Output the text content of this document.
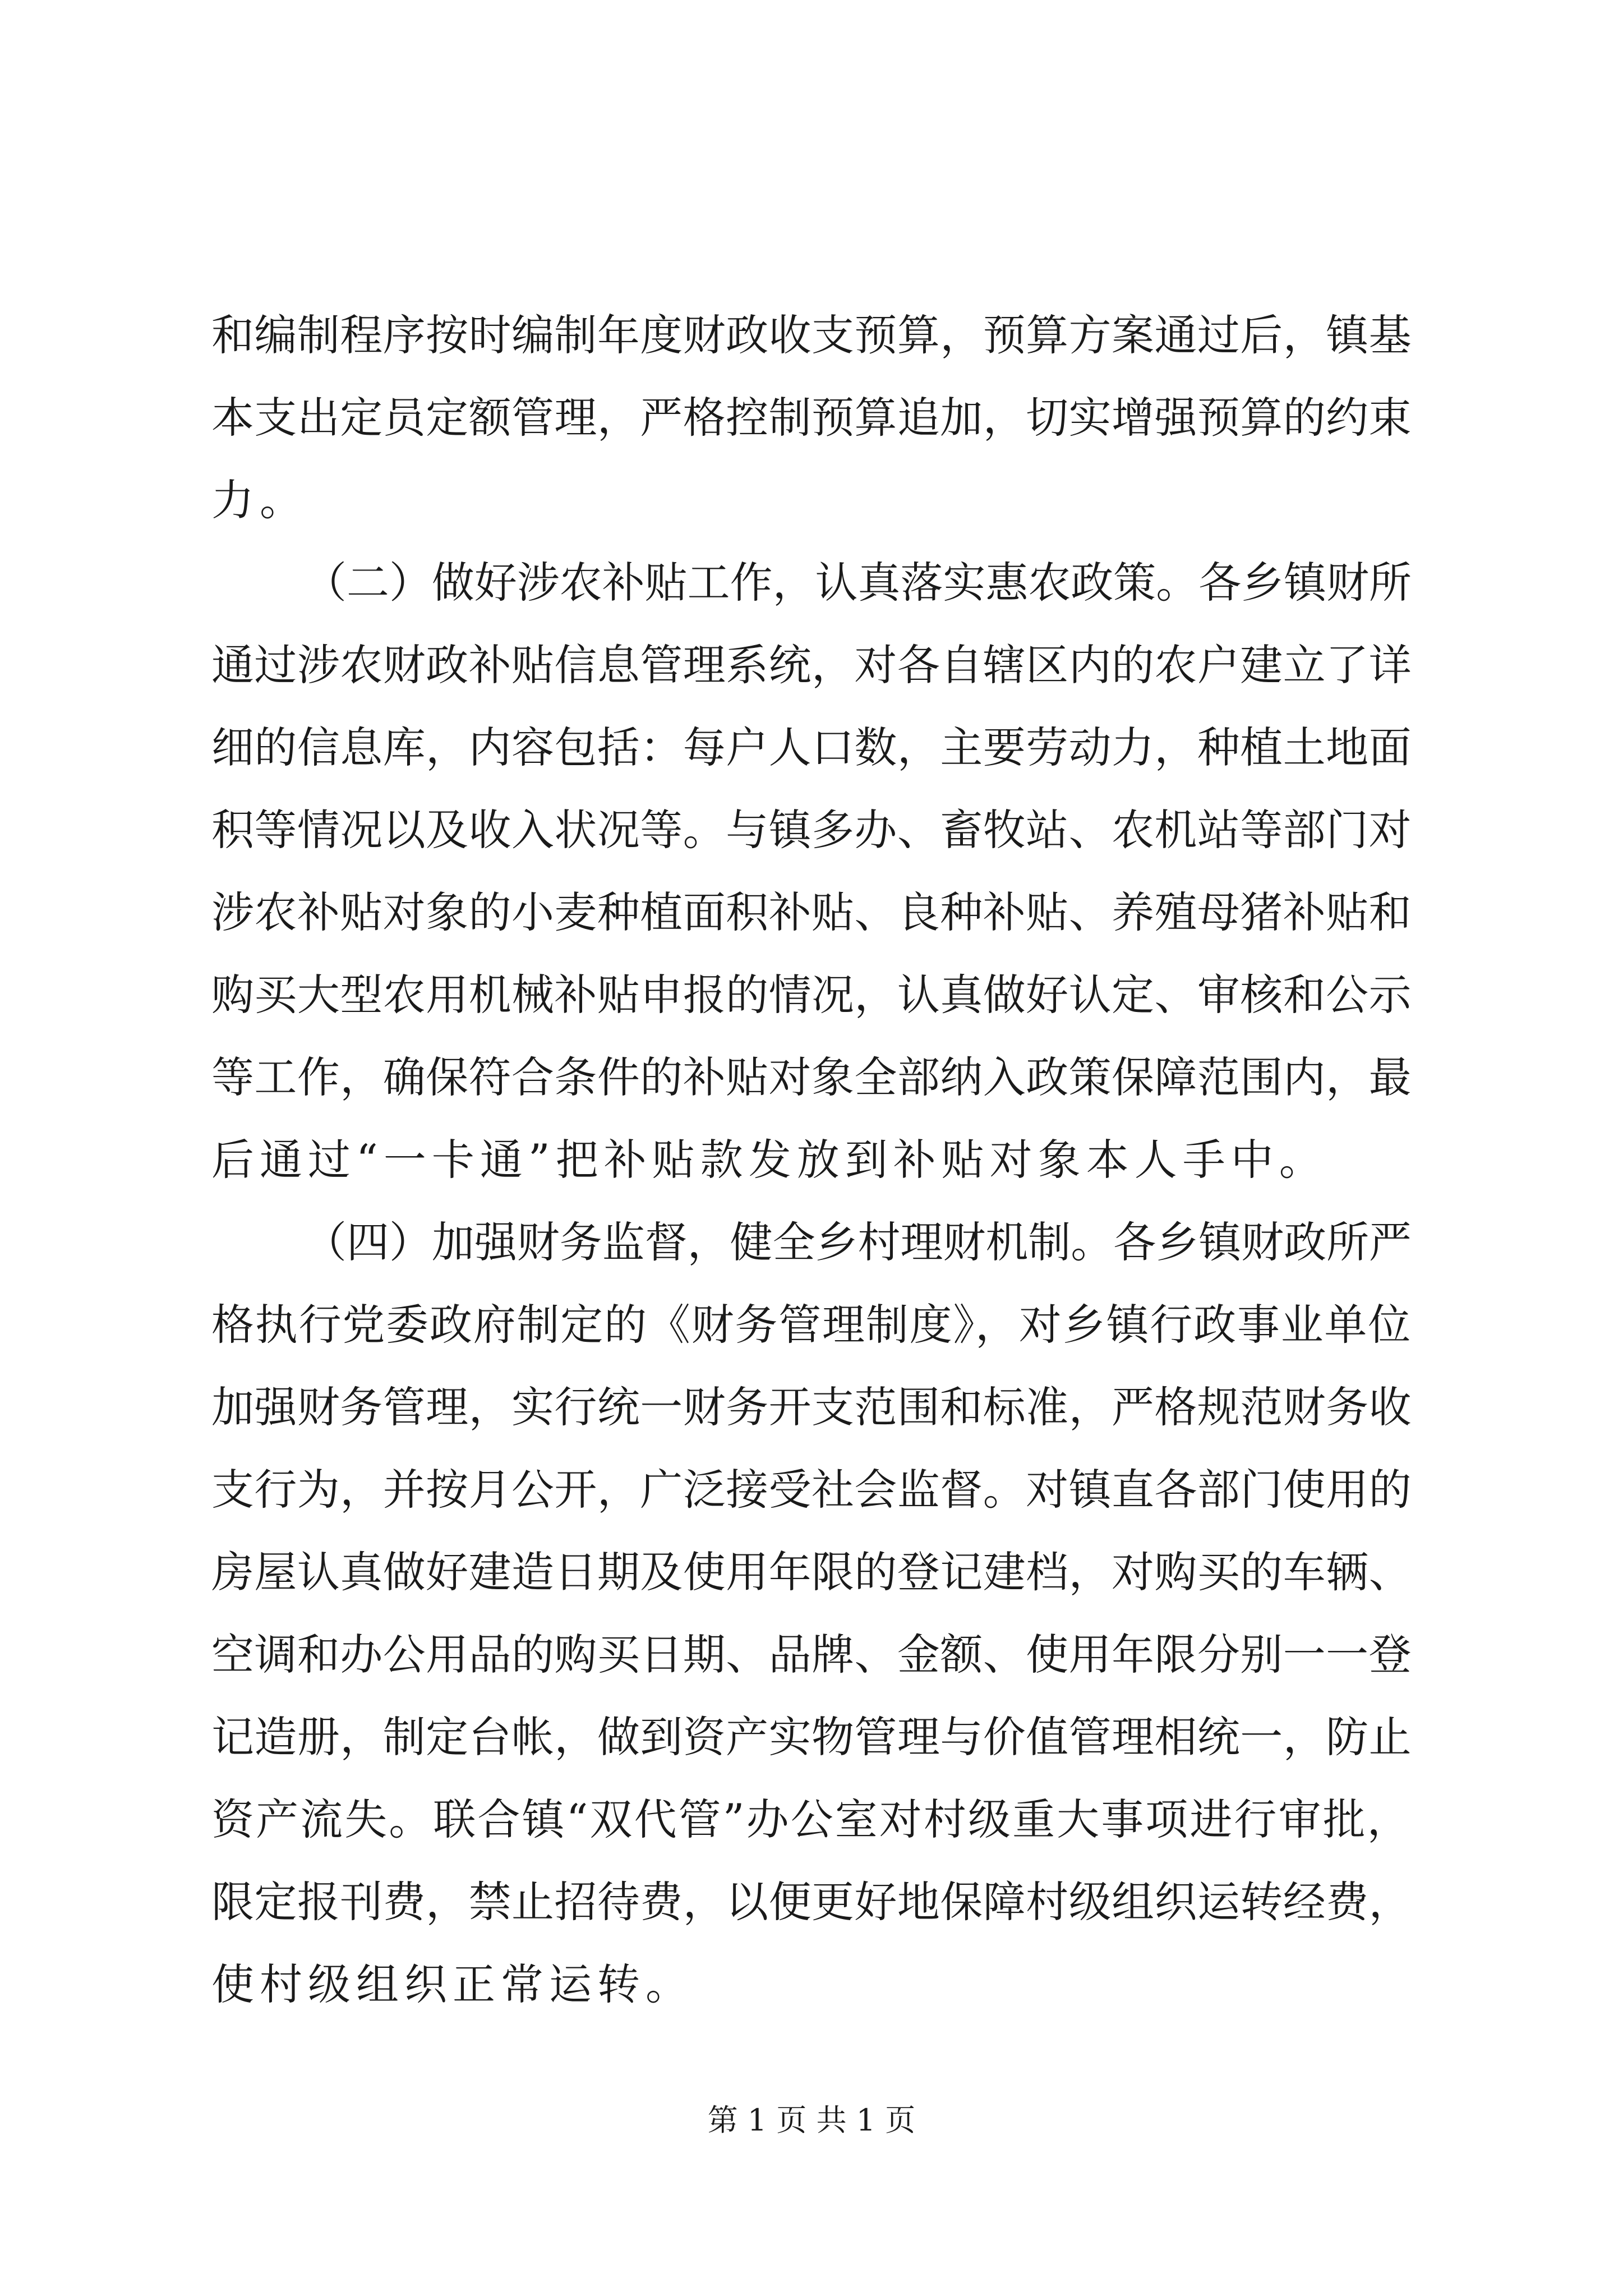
和编制程序按时编制年度财政收支预算，预算方案通过后，镇基
本支出定员定额管理，严格控制预算追加，切实增强预算的约束
力。
（二）做好涉农补贴工作，认真落实惠农政策。各乡镇财所
通过涉农财政补贴信息管理系统，对各自辖区内的农户建立了详
细的信息库，内容包括：每户人口数，主要劳动力，种植土地面
积等情况以及收入状况等。与镇多办、畜牧站、农机站等部门对
涉农补贴对象的小麦种植面积补贴、良种补贴、养殖母猪补贴和
购买大型农用机械补贴申报的情况，认真做好认定、审核和公示
等工作，确保符合条件的补贴对象全部纳入政策保障范围内，最
后通过“一卡通”把补贴款发放到补贴对象本人手中。
（四）加强财务监督，健全乡村理财机制。各乡镇财政所严
格执行党委政府制定的《财务管理制度》，对乡镇行政事业单位
加强财务管理，实行统一财务开支范围和标准，严格规范财务收
支行为，并按月公开，广泛接受社会监督。对镇直各部门使用的
房屋认真做好建造日期及使用年限的登记建档，对购买的车辆、
空调和办公用品的购买日期、品牌、金额、使用年限分别一一登
记造册，制定台帐，做到资产实物管理与价值管理相统一，防止
资产流失。联合镇“双代管”办公室对村级重大事项进行审批，
限定报刊费，禁止招待费，以便更好地保障村级组织运转经费，
使村级组织正常运转。
第 1 页 共 1 页
